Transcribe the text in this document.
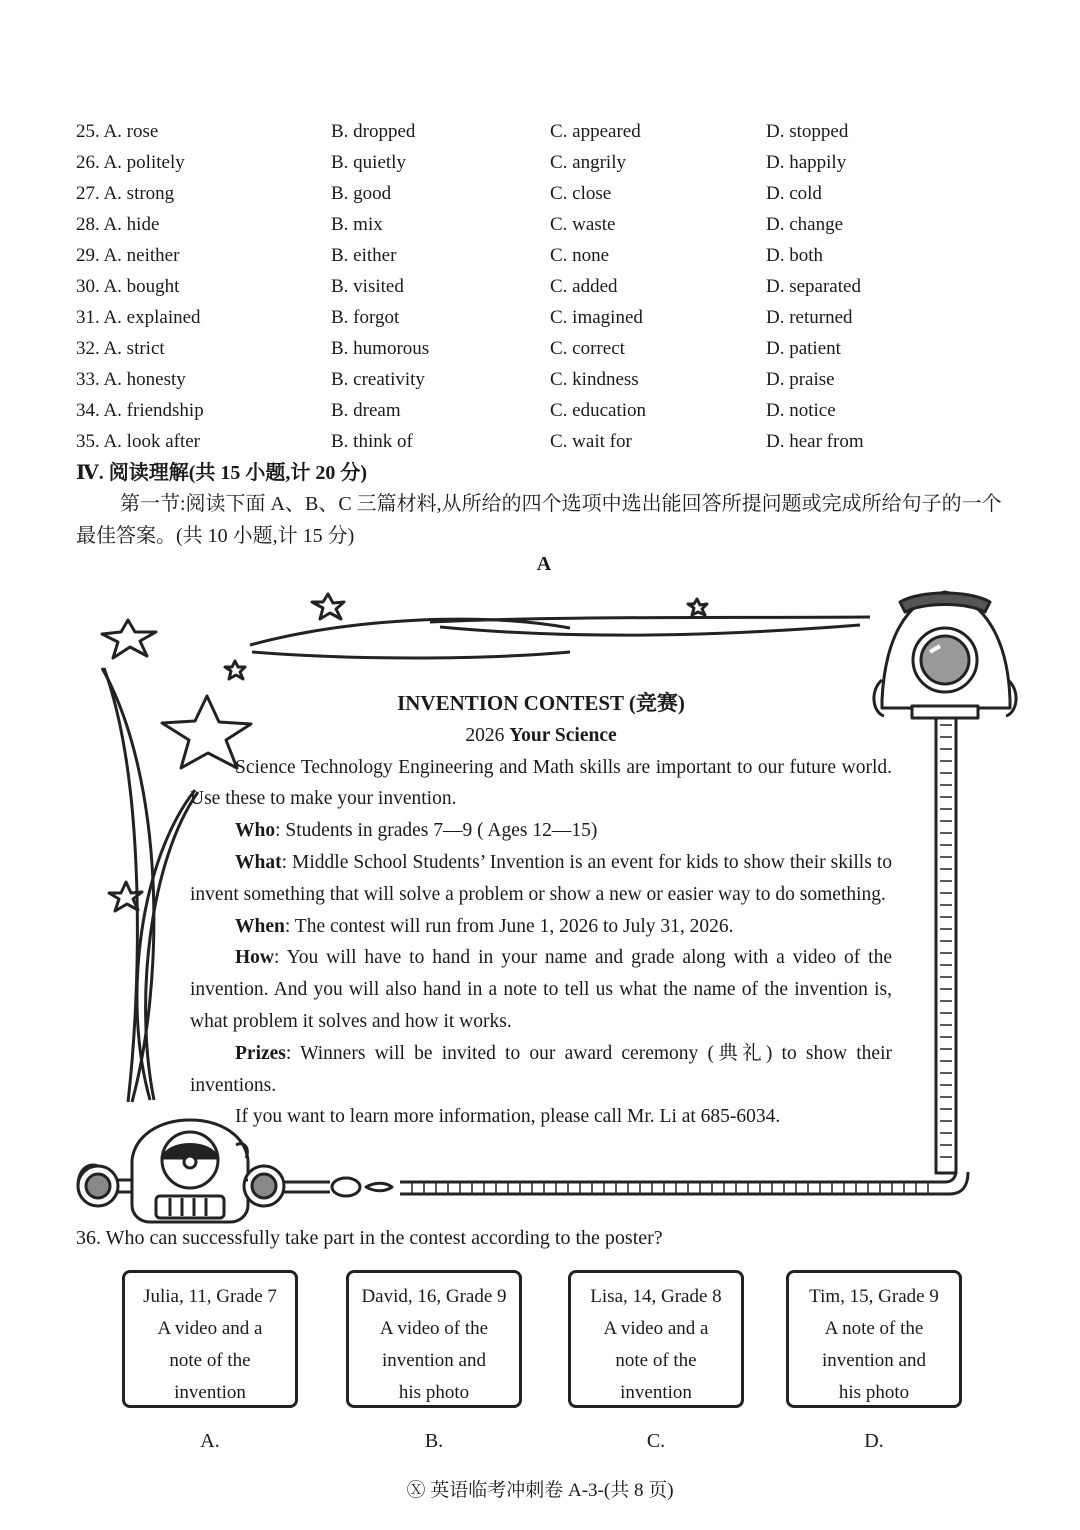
25. A. rose	B. dropped	C. appeared	D. stopped
26. A. politely	B. quietly	C. angrily	D. happily
27. A. strong	B. good	C. close	D. cold
28. A. hide	B. mix	C. waste	D. change
29. A. neither	B. either	C. none	D. both
30. A. bought	B. visited	C. added	D. separated
31. A. explained	B. forgot	C. imagined	D. returned
32. A. strict	B. humorous	C. correct	D. patient
33. A. honesty	B. creativity	C. kindness	D. praise
34. A. friendship	B. dream	C. education	D. notice
35. A. look after	B. think of	C. wait for	D. hear from
Ⅳ. 阅读理解(共 15 小题,计 20 分)
第一节:阅读下面 A、B、C 三篇材料,从所给的四个选项中选出能回答所提问题或完成所给句子的一个最佳答案。(共 10 小题,计 15 分)
A
INVENTION CONTEST (竞赛)
2026 Your Science

Science Technology Engineering and Math skills are important to our future world. Use these to make your invention.

Who: Students in grades 7—9 ( Ages 12—15)

What: Middle School Students’ Invention is an event for kids to show their skills to invent something that will solve a problem or show a new or easier way to do something.

When: The contest will run from June 1, 2026 to July 31, 2026.

How: You will have to hand in your name and grade along with a video of the invention. And you will also hand in a note to tell us what the name of the invention is, what problem it solves and how it works.

Prizes: Winners will be invited to our award ceremony (典礼) to show their inventions.

If you want to learn more information, please call Mr. Li at 685-6034.

36. Who can successfully take part in the contest according to the poster?
Julia, 11, Grade 7
A video and a
note of the
invention
David, 16, Grade 9
A video of the
invention and
his photo
Lisa, 14, Grade 8
A video and a
note of the
invention
Tim, 15, Grade 9
A note of the
invention and
his photo
A.	B.	C.	D.
Ⓧ 英语临考冲刺卷 A-3-(共 8 页)
